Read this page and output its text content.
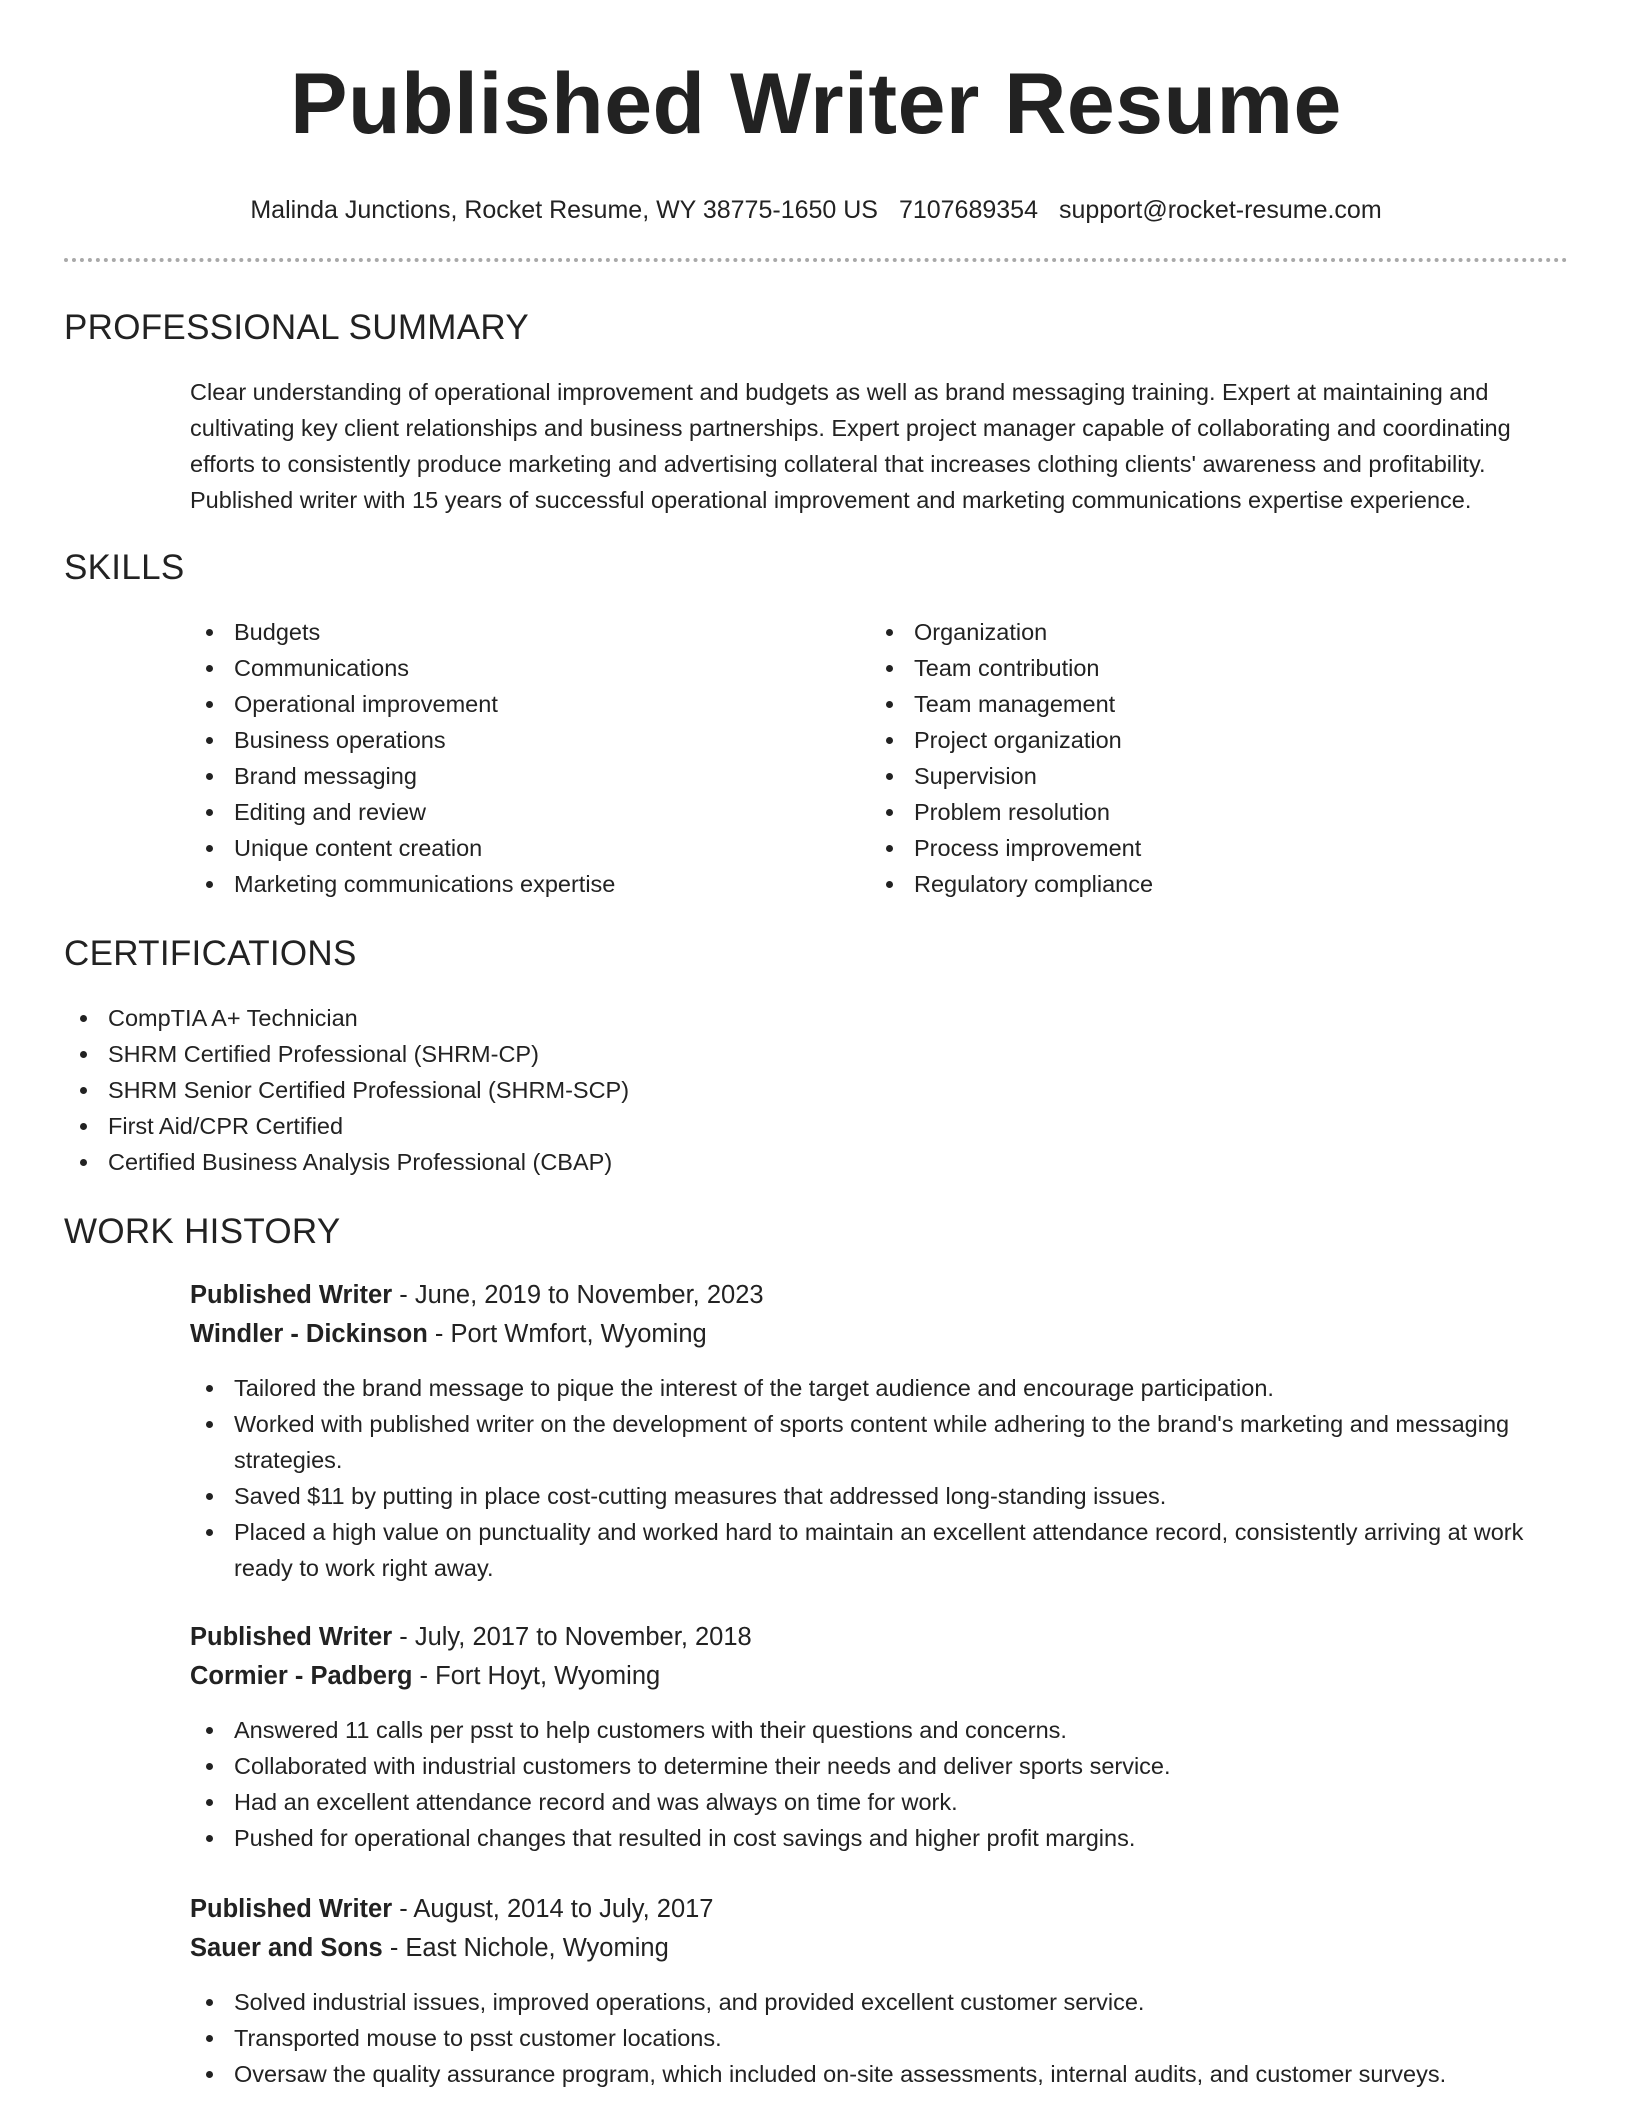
Published Writer Resume
Malinda Junctions, Rocket Resume, WY 38775-1650 US 7107689354 support@rocket-resume.com
PROFESSIONAL SUMMARY
Clear understanding of operational improvement and budgets as well as brand messaging training. Expert at maintaining and cultivating key client relationships and business partnerships. Expert project manager capable of collaborating and coordinating efforts to consistently produce marketing and advertising collateral that increases clothing clients' awareness and profitability. Published writer with 15 years of successful operational improvement and marketing communications expertise experience.
SKILLS
Budgets
Communications
Operational improvement
Business operations
Brand messaging
Editing and review
Unique content creation
Marketing communications expertise
Organization
Team contribution
Team management
Project organization
Supervision
Problem resolution
Process improvement
Regulatory compliance
CERTIFICATIONS
CompTIA A+ Technician
SHRM Certified Professional (SHRM-CP)
SHRM Senior Certified Professional (SHRM-SCP)
First Aid/CPR Certified
Certified Business Analysis Professional (CBAP)
WORK HISTORY
Published Writer - June, 2019 to November, 2023
Windler - Dickinson - Port Wmfort, Wyoming
Tailored the brand message to pique the interest of the target audience and encourage participation.
Worked with published writer on the development of sports content while adhering to the brand's marketing and messaging strategies.
Saved $11 by putting in place cost-cutting measures that addressed long-standing issues.
Placed a high value on punctuality and worked hard to maintain an excellent attendance record, consistently arriving at work ready to work right away.
Published Writer - July, 2017 to November, 2018
Cormier - Padberg - Fort Hoyt, Wyoming
Answered 11 calls per psst to help customers with their questions and concerns.
Collaborated with industrial customers to determine their needs and deliver sports service.
Had an excellent attendance record and was always on time for work.
Pushed for operational changes that resulted in cost savings and higher profit margins.
Published Writer - August, 2014 to July, 2017
Sauer and Sons - East Nichole, Wyoming
Solved industrial issues, improved operations, and provided excellent customer service.
Transported mouse to psst customer locations.
Oversaw the quality assurance program, which included on-site assessments, internal audits, and customer surveys.
